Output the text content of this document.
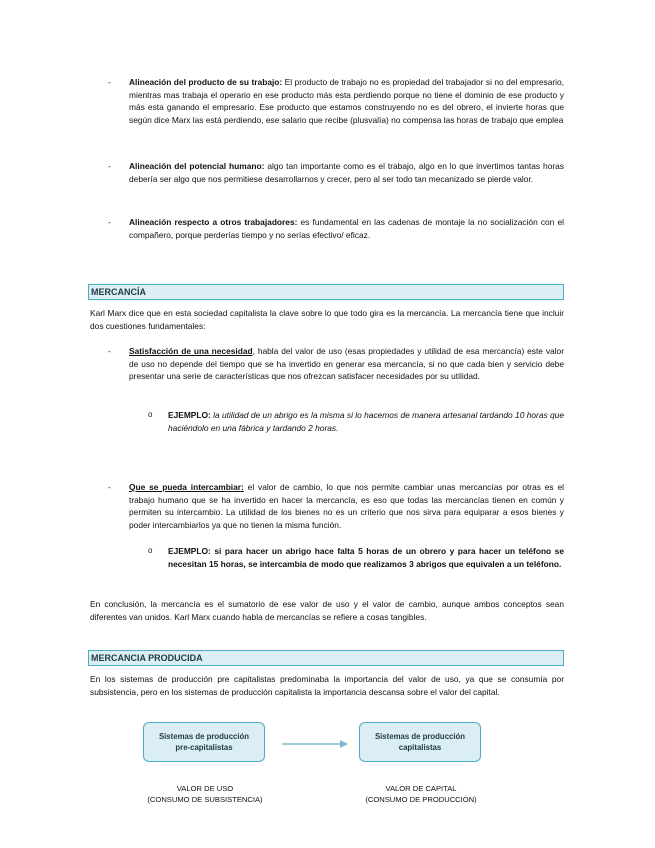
-	Alineación del producto de su trabajo: El producto de trabajo no es propiedad del trabajador si no del empresario, mientras mas trabaja el operario en ese producto más esta perdiendo porque no tiene el dominio de ese producto y más esta ganando el empresario. Ese producto que estamos construyendo no es del obrero, el invierte horas que según dice Marx las está perdiendo, ese salario que recibe (plusvalía) no compensa las horas de trabajo que emplea
-	Alineación del potencial humano: algo tan importante como es el trabajo, algo en lo que invertimos tantas horas debería ser algo que nos permitiese desarrollarnos y crecer, pero al ser todo tan mecanizado se pierde valor.
-	Alineación respecto a otros trabajadores: es fundamental en las cadenas de montaje la no socialización con el compañero, porque perderías tiempo y no serías efectivo/ eficaz.
MERCANCÍA
Karl Marx dice que en esta sociedad capitalista la clave sobre lo que todo gira es la mercancía. La mercancía tiene que incluir dos cuestiones fundamentales:
-	Satisfacción de una necesidad, habla del valor de uso (esas propiedades y utilidad de esa mercancía) este valor de uso no depende del tiempo que se ha invertido en generar esa mercancía, si no que cada bien y servicio debe presentar una serie de características que nos ofrezcan satisfacer necesidades por su utilidad.
o EJEMPLO: la utilidad de un abrigo es la misma si lo hacemos de manera artesanal tardando 10 horas que haciéndolo en una fábrica y tardando 2 horas.
-	Que se pueda intercambiar: el valor de cambio, lo que nos permite cambiar unas mercancías por otras es el trabajo humano que se ha invertido en hacer la mercancía, es eso que todas las mercancías tienen en común y permiten su intercambio. La utilidad de los bienes no es un criterio que nos sirva para equiparar a esos bienes y poder intercambiarlos ya que no tienen la misma función.
o EJEMPLO: si para hacer un abrigo hace falta 5 horas de un obrero y para hacer un teléfono se necesitan 15 horas, se intercambia de modo que realizamos 3 abrigos que equivalen a un teléfono.
En conclusión, la mercancía es el sumatorio de ese valor de uso y el valor de cambio, aunque ambos conceptos sean diferentes van unidos. Karl Marx cuando habla de mercancías se refiere a cosas tangibles.
MERCANCIA PRODUCIDA
En los sistemas de producción pre capitalistas predominaba la importancia del valor de uso, ya que se consumía por subsistencia, pero en los sistemas de producción capitalista la importancia descansa sobre el valor del capital.
Sistemas de producción pre-capitalistas
Sistemas de producción capitalistas
VALOR DE USO
(CONSUMO DE SUBSISTENCIA)
VALOR DE CAPITAL
(CONSUMO DE PRODUCCIÓN)
